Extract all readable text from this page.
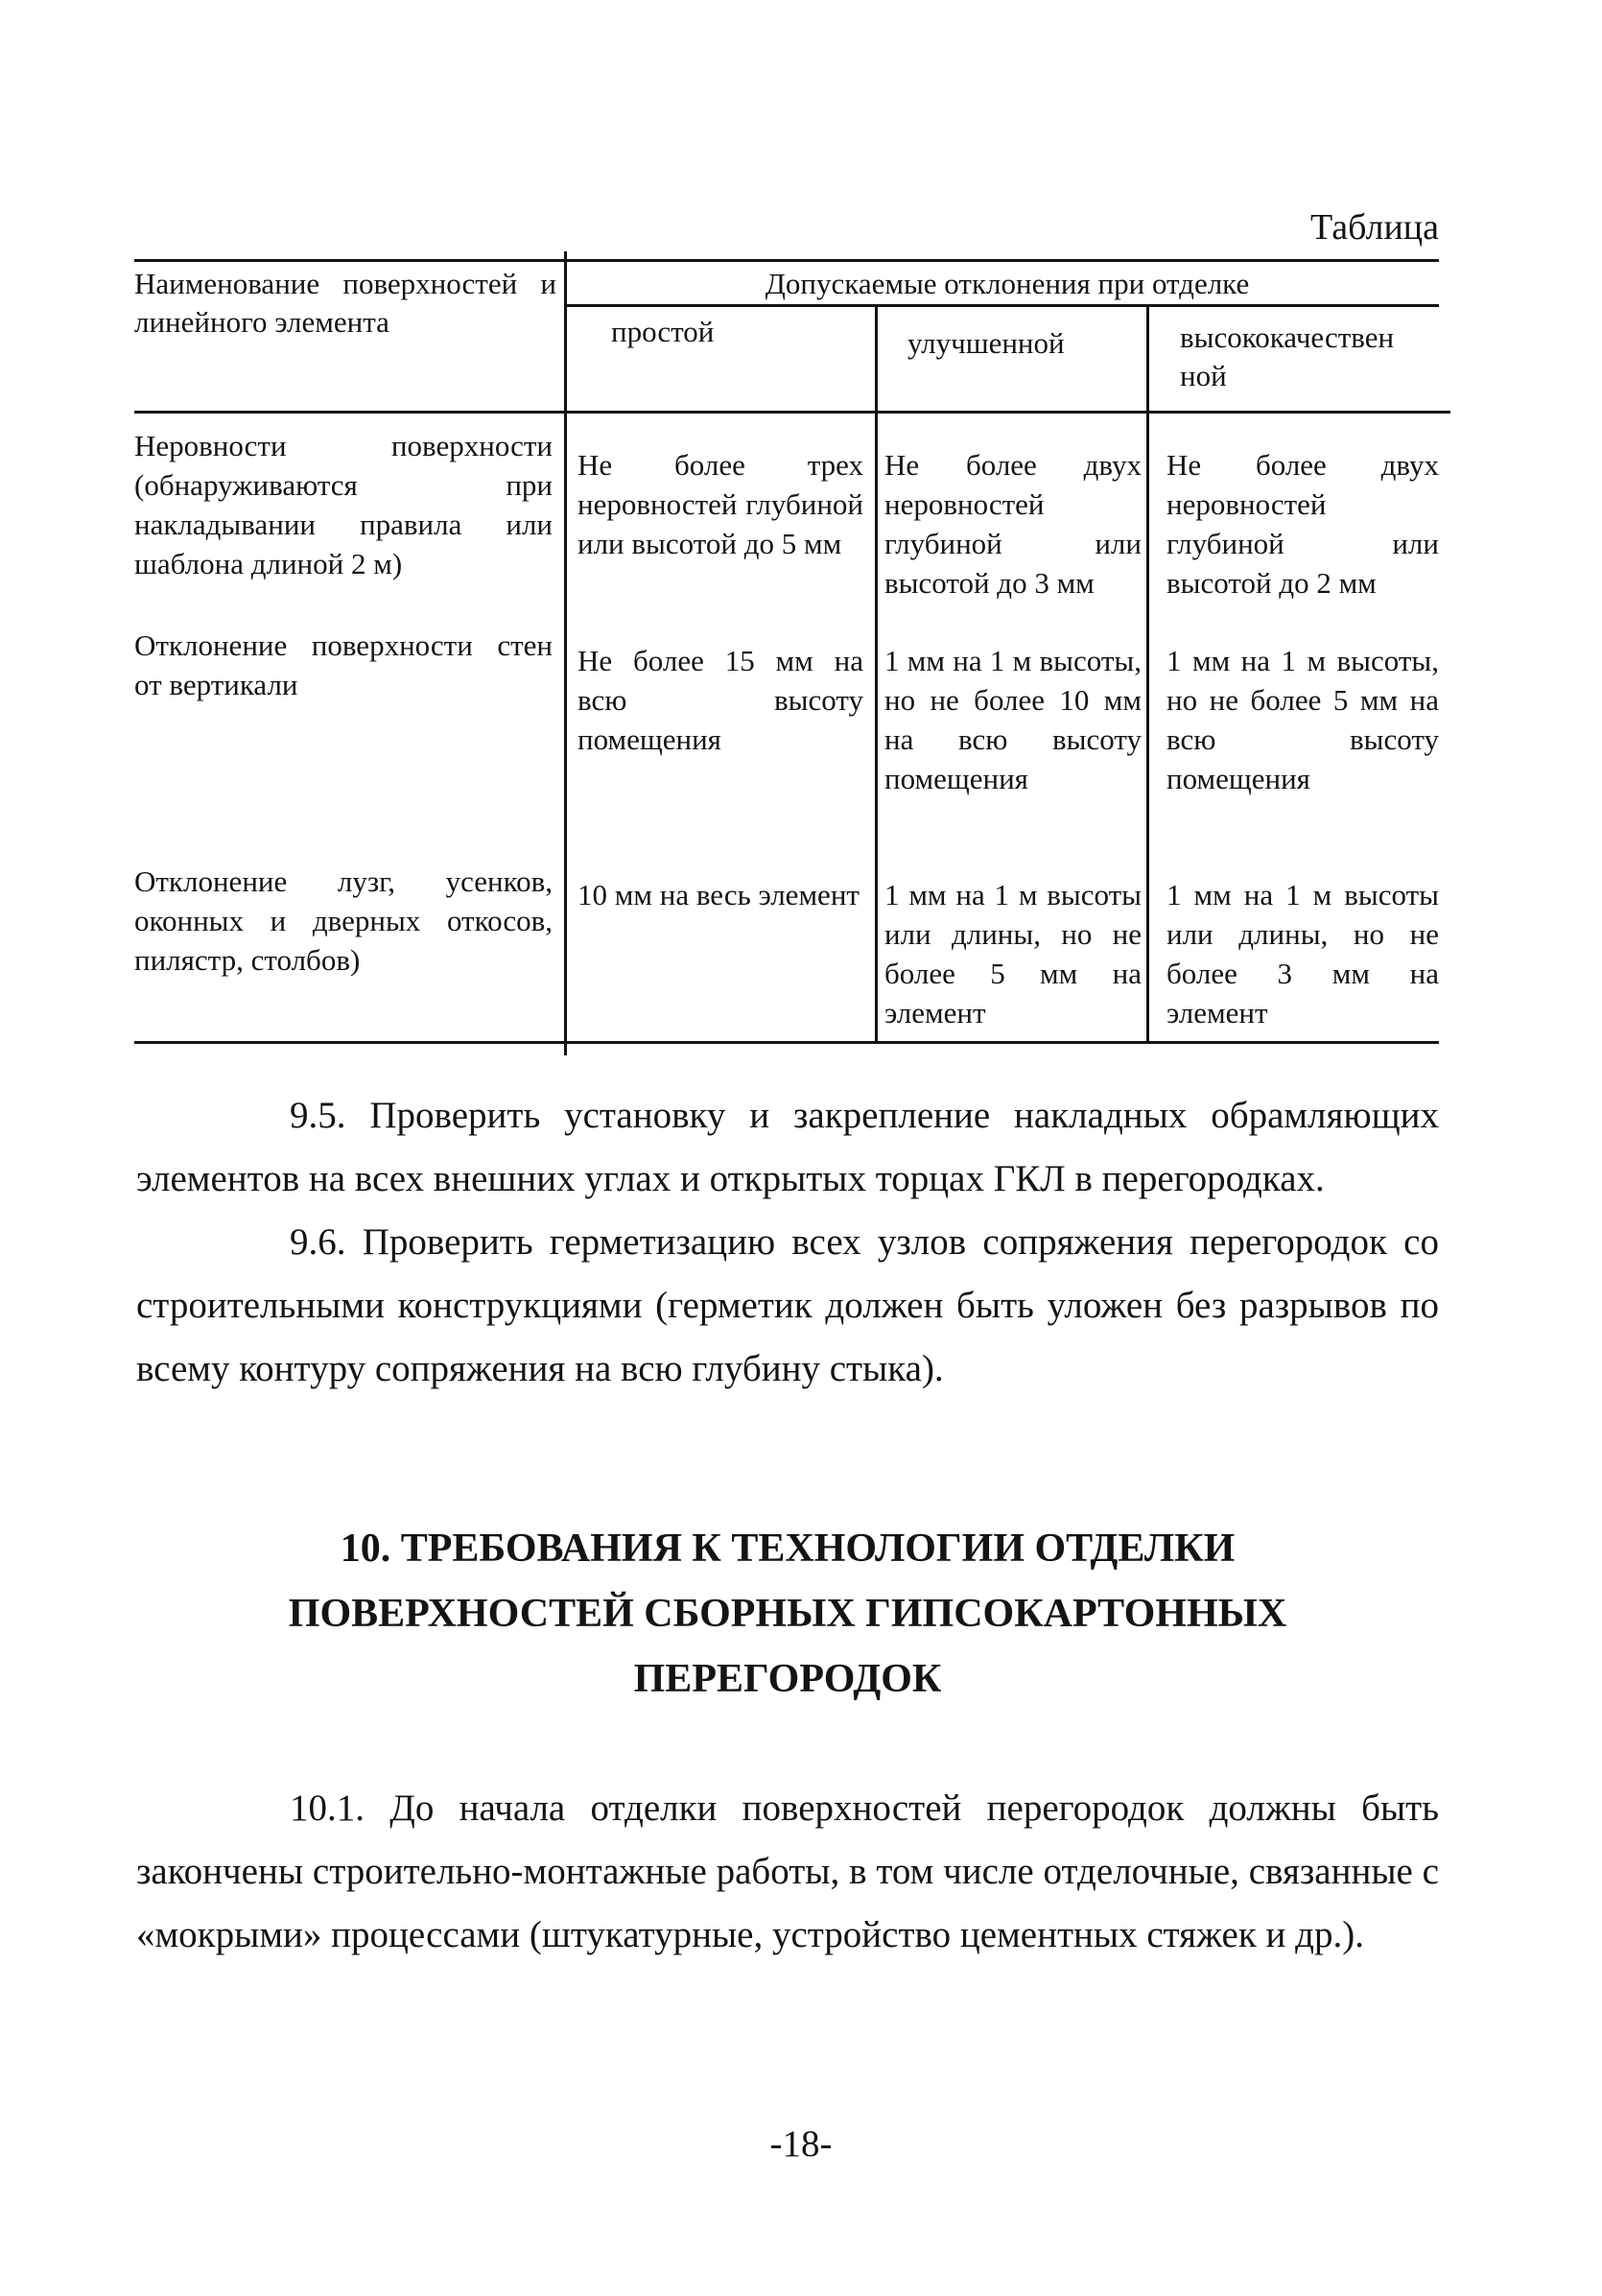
Таблица
Наименование поверхностей и линейного элемента
Допускаемые отклонения при отделке
простой	улучшенной	высококачествен ной
Неровности поверхности (обнаруживаются при накладывании правила или шаблона длиной 2 м)
Не более трех неровностей глубиной или высотой до 5 мм
Не более двух неровностей глубиной или высотой до 3 мм
Не более двух неровностей глубиной или высотой до 2 мм
Отклонение поверхности стен от вертикали
Не более 15 мм на всю высоту помещения
1 мм на 1 м высоты, но не более 10 мм на всю высоту помещения
1 мм на 1 м высоты, но не более 5 мм на всю высоту помещения
Отклонение лузг, усенков, оконных и дверных откосов, пилястр, столбов)
10 мм на весь элемент 1 мм на 1 м высоты или длины, но не более 5 мм на элемент
1 мм на 1 м высоты или длины, но не более 3 мм на элемент
9.5. Проверить установку и закрепление накладных обрамляющих элементов на всех внешних углах и открытых торцах ГКЛ в перегородках.
9.6. Проверить герметизацию всех узлов сопряжения перегородок со строительными конструкциями (герметик должен быть уложен без разрывов по всему контуру сопряжения на всю глубину стыка).
10. ТРЕБОВАНИЯ К ТЕХНОЛОГИИ ОТДЕЛКИ
ПОВЕРХНОСТЕЙ СБОРНЫХ ГИПСОКАРТОННЫХ
ПЕРЕГОРОДОК
10.1. До начала отделки поверхностей перегородок должны быть закончены строительно-монтажные работы, в том числе отделочные, связанные с «мокрыми» процессами (штукатурные, устройство цементных стяжек и др.).
-18-
